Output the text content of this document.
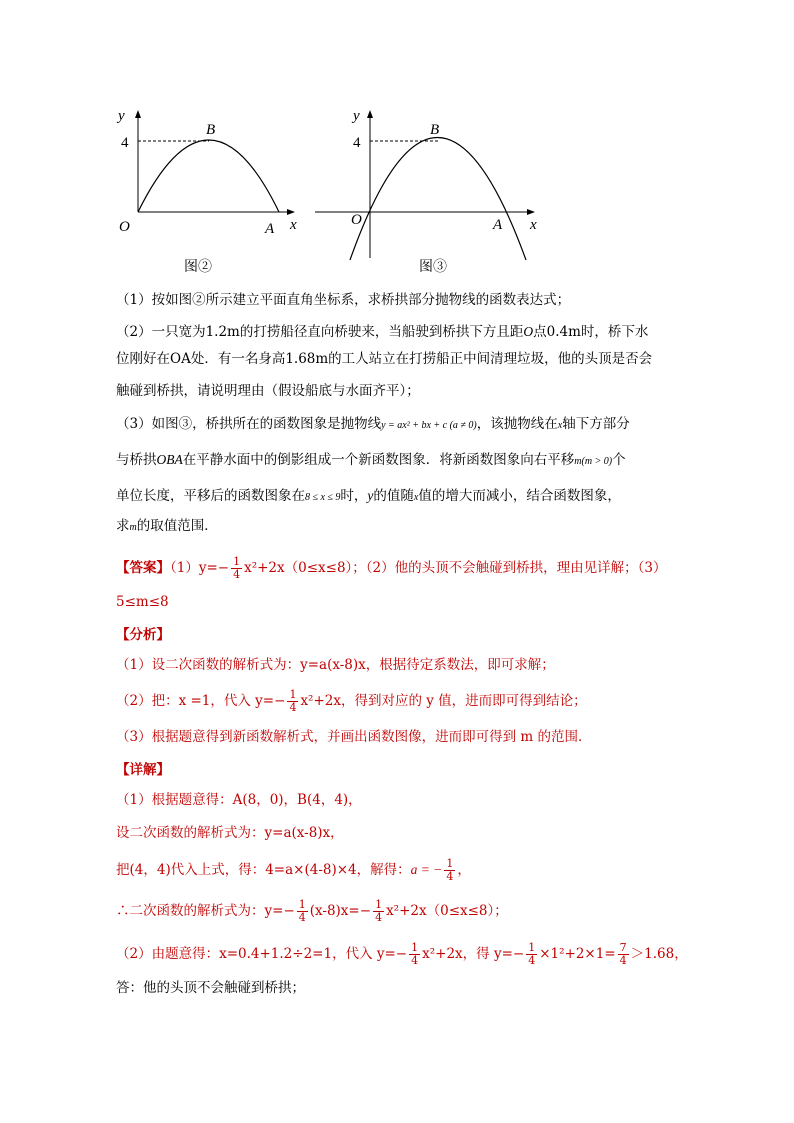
y
4
B
O	A x
图②
y
4
B
O	A x
图③
（1）按如图②所示建立平面直角坐标系，求桥拱部分抛物线的函数表达式；
（2）一只宽为1.2m的打捞船径直向桥驶来，当船驶到桥拱下方且距O点0.4m时，桥下水
位刚好在OA处．有一名身高1.68m的工人站立在打捞船正中间清理垃圾，他的头顶是否会
触碰到桥拱，请说明理由（假设船底与水面齐平）；
（3）如图③，桥拱所在的函数图象是抛物线y = ax² + bx + c (a ≠ 0)，该抛物线在x轴下方部分
与桥拱OBA在平静水面中的倒影组成一个新函数图象．将新函数图象向右平移m(m > 0)个
单位长度，平移后的函数图象在8 ≤ x ≤ 9时，y的值随x值的增大而减小，结合函数图象，
求m的取值范围．
【答案】$(1)y=- \frac{1}{4} x^2+2x(0\le x\le 8)$；（2）他的头顶不会触碰到桥拱，理由见详解；（3）
5≤m≤8
【分析】
（1）设二次函数的解析式为：y=a(x-8)x，根据待定系数法，即可求解；
（2）把：x =1，代入 $y=- \frac{1}{4} x^2+2x$，得到对应的 y 值，进而即可得到结论；
（3）根据题意得到新函数解析式，并画出函数图像，进而即可得到 m 的范围．
【详解】
（1）根据题意得：A(8，0)，B(4，4)，
设二次函数的解析式为：y=a(x-8)x，
把(4，4)代入上式，得：4=a×(4-8)×4，解得：a = − $\frac{1}{4}$ ，
∴二次函数的解析式为：$y=- \frac{1}{4} (x-8)x=- \frac{1}{4} x^2+2x(0\le x\le 8)$；
（2）由题意得：x=0.4+1.2÷2=1，代入 $y=- \frac{1}{4} x^2+2x$，得 $y=- \frac{1}{4} \times 1^2+2\times 1= \frac{7}{4} >1.68$，
答：他的头顶不会触碰到桥拱；
